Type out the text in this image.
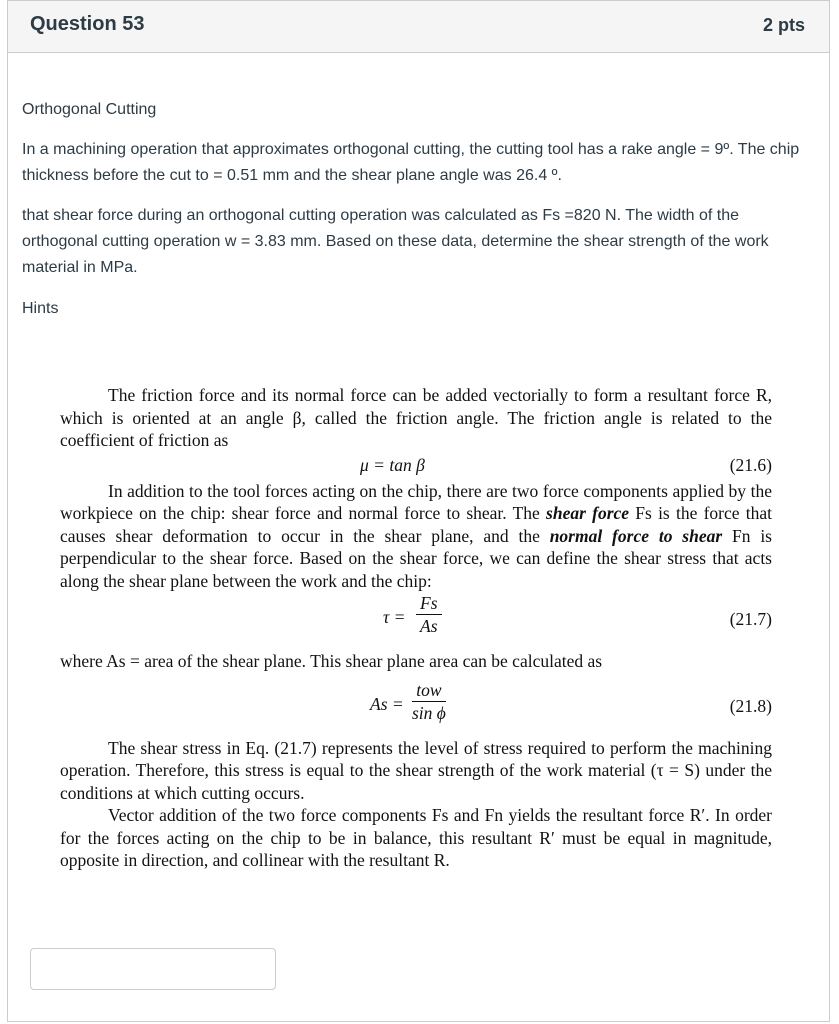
Question 53	2 pts
Orthogonal Cutting
In a machining operation that approximates orthogonal cutting, the cutting tool has a rake angle = 9º. The chip thickness before the cut to = 0.51 mm and the shear plane angle was 26.4 º.
that shear force during an orthogonal cutting operation was calculated as Fs =820 N. The width of the orthogonal cutting operation w = 3.83 mm. Based on these data, determine the shear strength of the work material in MPa.
Hints

The friction force and its normal force can be added vectorially to form a resultant force R, which is oriented at an angle β, called the friction angle. The friction angle is related to the coefficient of friction as

μ = tan β	(21.6)

In addition to the tool forces acting on the chip, there are two force components applied by the workpiece on the chip: shear force and normal force to shear. The shear force Fs is the force that causes shear deformation to occur in the shear plane, and the normal force to shear Fn is perpendicular to the shear force. Based on the shear force, we can define the shear stress that acts along the shear plane between the work and the chip:

$\tau = \frac{Fs}{As}$	(21.7)

where As = area of the shear plane. This shear plane area can be calculated as

As =
tow
sin ϕ	(21.8)

The shear stress in Eq. (21.7) represents the level of stress required to perform the machining operation. Therefore, this stress is equal to the shear strength of the work material (τ = S) under the conditions at which cutting occurs.

Vector addition of the two force components Fs and Fn yields the resultant force R′. In order for the forces acting on the chip to be in balance, this resultant R′ must be equal in magnitude, opposite in direction, and collinear with the resultant R.
